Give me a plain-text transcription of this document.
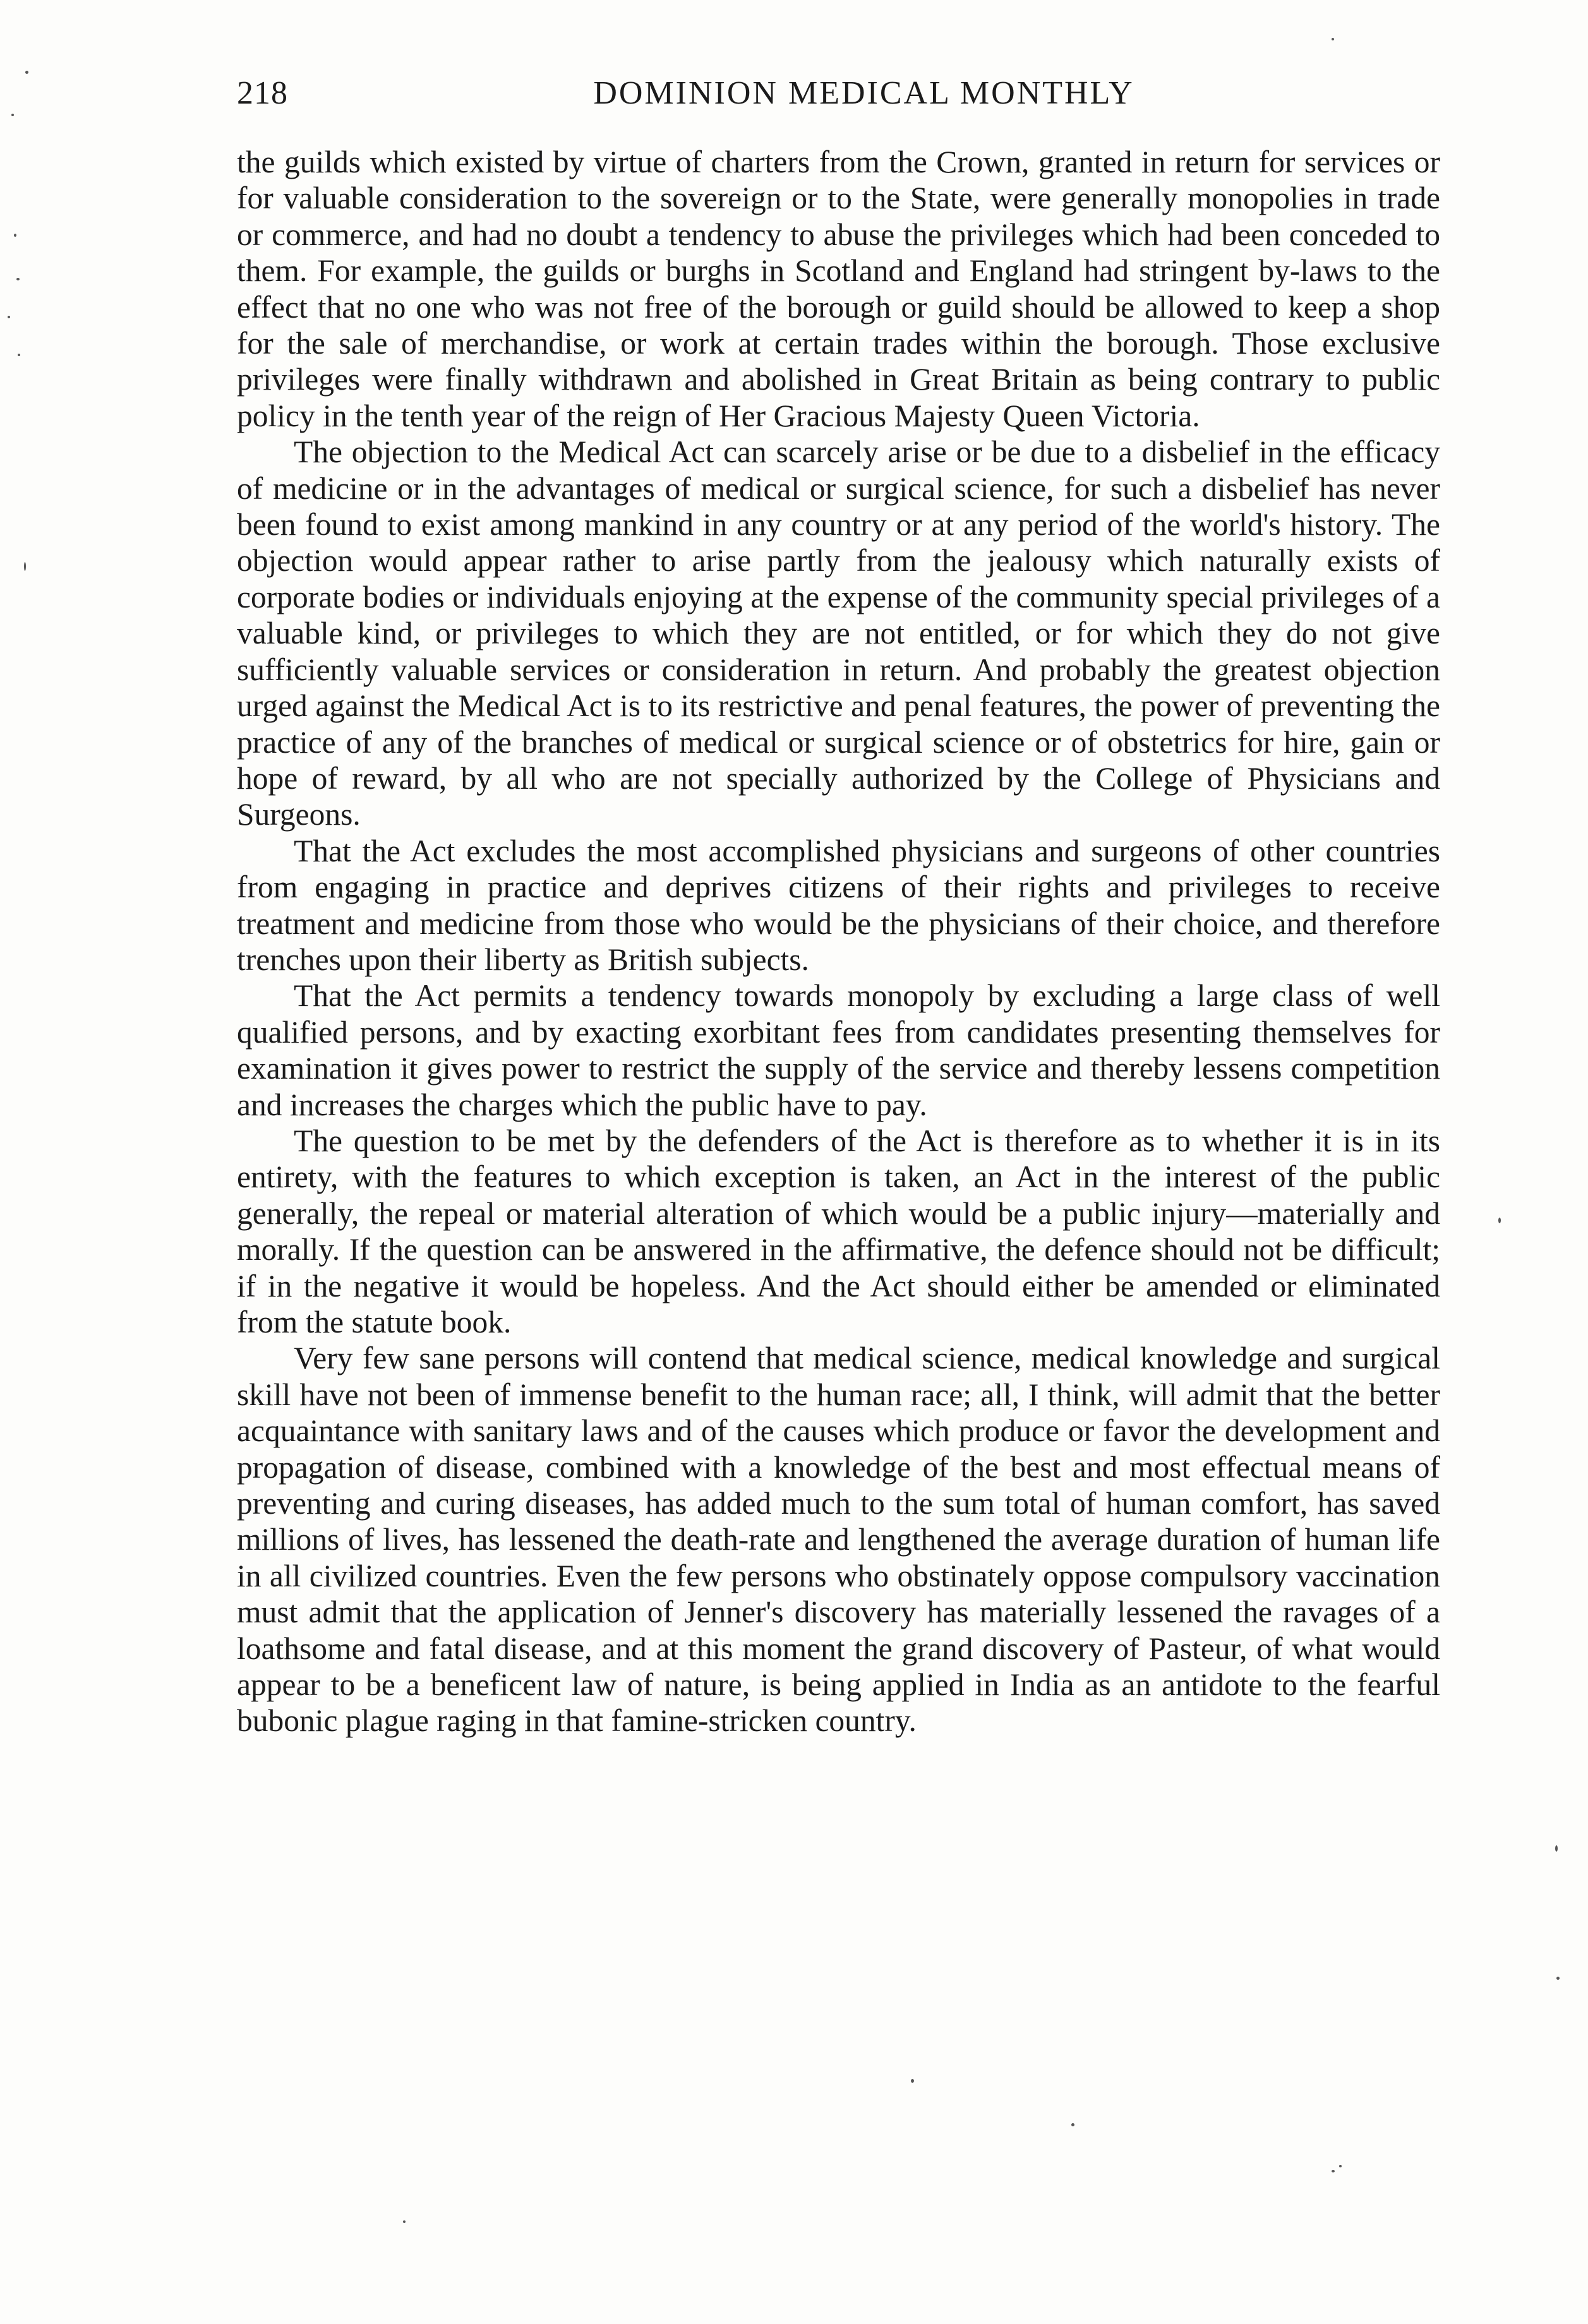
218	DOMINION MEDICAL MONTHLY

the guilds which existed by virtue of charters from the Crown, granted in return for services or for valuable consideration to the sovereign or to the State, were generally monopolies in trade or commerce, and had no doubt a tendency to abuse the privileges which had been conceded to them. For example, the guilds or burghs in Scotland and England had stringent by-laws to the effect that no one who was not free of the borough or guild should be allowed to keep a shop for the sale of merchandise, or work at certain trades within the borough. Those exclusive privileges were finally withdrawn and abolished in Great Britain as being contrary to public policy in the tenth year of the reign of Her Gracious Majesty Queen Victoria.

The objection to the Medical Act can scarcely arise or be due to a disbelief in the efficacy of medicine or in the advantages of medical or surgical science, for such a disbelief has never been found to exist among mankind in any country or at any period of the world's history. The objection would appear rather to arise partly from the jealousy which naturally exists of corporate bodies or individuals enjoying at the expense of the community special privileges of a valuable kind, or privileges to which they are not entitled, or for which they do not give sufficiently valuable services or consideration in return. And probably the greatest objection urged against the Medical Act is to its restrictive and penal features, the power of preventing the practice of any of the branches of medical or surgical science or of obstetrics for hire, gain or hope of reward, by all who are not specially authorized by the College of Physicians and Surgeons.

That the Act excludes the most accomplished physicians and surgeons of other countries from engaging in practice and deprives citizens of their rights and privileges to receive treatment and medicine from those who would be the physicians of their choice, and therefore trenches upon their liberty as British subjects.

That the Act permits a tendency towards monopoly by excluding a large class of well qualified persons, and by exacting exorbitant fees from candidates presenting themselves for examination it gives power to restrict the supply of the service and thereby lessens competition and increases the charges which the public have to pay.

The question to be met by the defenders of the Act is therefore as to whether it is in its entirety, with the features to which exception is taken, an Act in the interest of the public generally, the repeal or material alteration of which would be a public injury—materially and morally. If the question can be answered in the affirmative, the defence should not be difficult; if in the negative it would be hopeless. And the Act should either be amended or eliminated from the statute book.

Very few sane persons will contend that medical science, medical knowledge and surgical skill have not been of immense benefit to the human race; all, I think, will admit that the better acquaintance with sanitary laws and of the causes which produce or favor the development and propagation of disease, combined with a knowledge of the best and most effectual means of preventing and curing diseases, has added much to the sum total of human comfort, has saved millions of lives, has lessened the death-rate and lengthened the average duration of human life in all civilized countries. Even the few persons who obstinately oppose compulsory vaccination must admit that the application of Jenner's discovery has materially lessened the ravages of a loathsome and fatal disease, and at this moment the grand discovery of Pasteur, of what would appear to be a beneficent law of nature, is being applied in India as an antidote to the fearful bubonic plague raging in that famine-stricken country.
